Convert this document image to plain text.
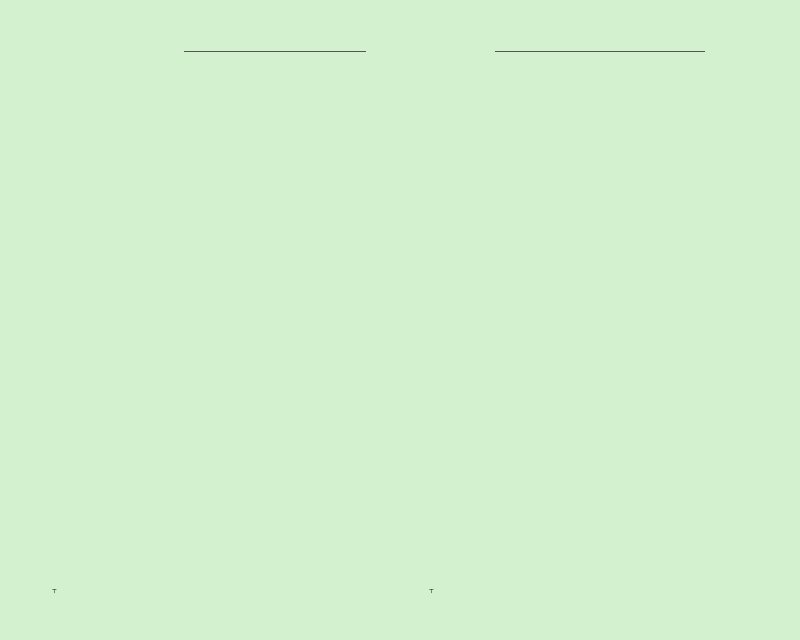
⊤	⊤
